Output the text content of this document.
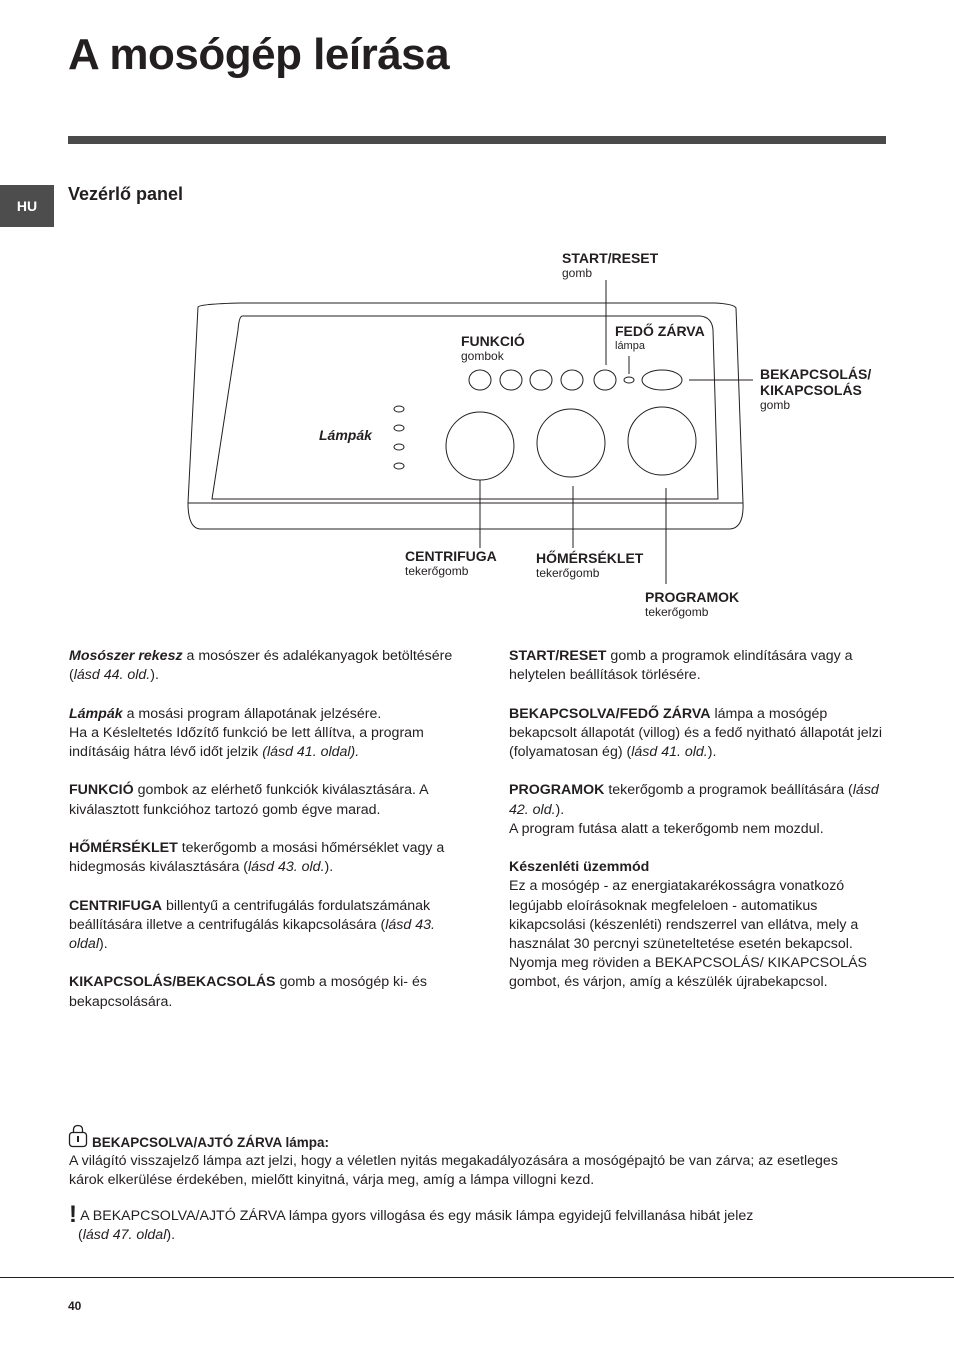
A mosógép leírása
HU
Vezérlő panel
START/RESET
gomb
FUNKCIÓ
gombok
FEDŐ ZÁRVA
lámpa
BEKAPCSOLÁS/
KIKAPCSOLÁS
gomb
Lámpák
CENTRIFUGA
tekerőgomb
HŐMÉRSÉKLET
tekerőgomb
PROGRAMOK
tekerőgomb

Mosószer rekesz a mosószer és adalékanyagok betöltésére (lásd 44. old.).

Lámpák a mosási program állapotának jelzésére.
Ha a Késleltetés Időzítő funkció be lett állítva, a program indításáig hátra lévő időt jelzik (lásd 41. oldal).

FUNKCIÓ gombok az elérhető funkciók kiválasztására. A kiválasztott funkcióhoz tartozó gomb égve marad.

HŐMÉRSÉKLET tekerőgomb a mosási hőmérséklet vagy a hidegmosás kiválasztására (lásd 43. old.).

CENTRIFUGA billentyű a centrifugálás fordulatszámának beállítására illetve a centrifugálás kikapcsolására (lásd 43. oldal).

KIKAPCSOLÁS/BEKACSOLÁS gomb a mosógép ki- és bekapcsolására.

START/RESET gomb a programok elindítására vagy a helytelen beállítások törlésére.

BEKAPCSOLVA/FEDŐ ZÁRVA lámpa a mosógép bekapcsolt állapotát (villog) és a fedő nyitható állapotát jelzi (folyamatosan ég) (lásd 41. old.).

PROGRAMOK tekerőgomb a programok beállítására (lásd 42. old.).
A program futása alatt a tekerőgomb nem mozdul.

Készenléti üzemmód
Ez a mosógép - az energiatakarékosságra vonatkozó legújabb eloírásoknak megfeleloen - automatikus kikapcsolási (készenléti) rendszerrel van ellátva, mely a használat 30 percnyi szüneteltetése esetén bekapcsol. Nyomja meg röviden a BEKAPCSOLÁS/ KIKAPCSOLÁS gombot, és várjon, amíg a készülék újrabekapcsol.

BEKAPCSOLVA/AJTÓ ZÁRVA lámpa:
A világító visszajelző lámpa azt jelzi, hogy a véletlen nyitás megakadályozására a mosógépajtó be van zárva; az esetleges károk elkerülése érdekében, mielőtt kinyitná, várja meg, amíg a lámpa villogni kezd.
! A BEKAPCSOLVA/AJTÓ ZÁRVA lámpa gyors villogása és egy másik lámpa egyidejű felvillanása hibát jelez
(lásd 47. oldal).
40
